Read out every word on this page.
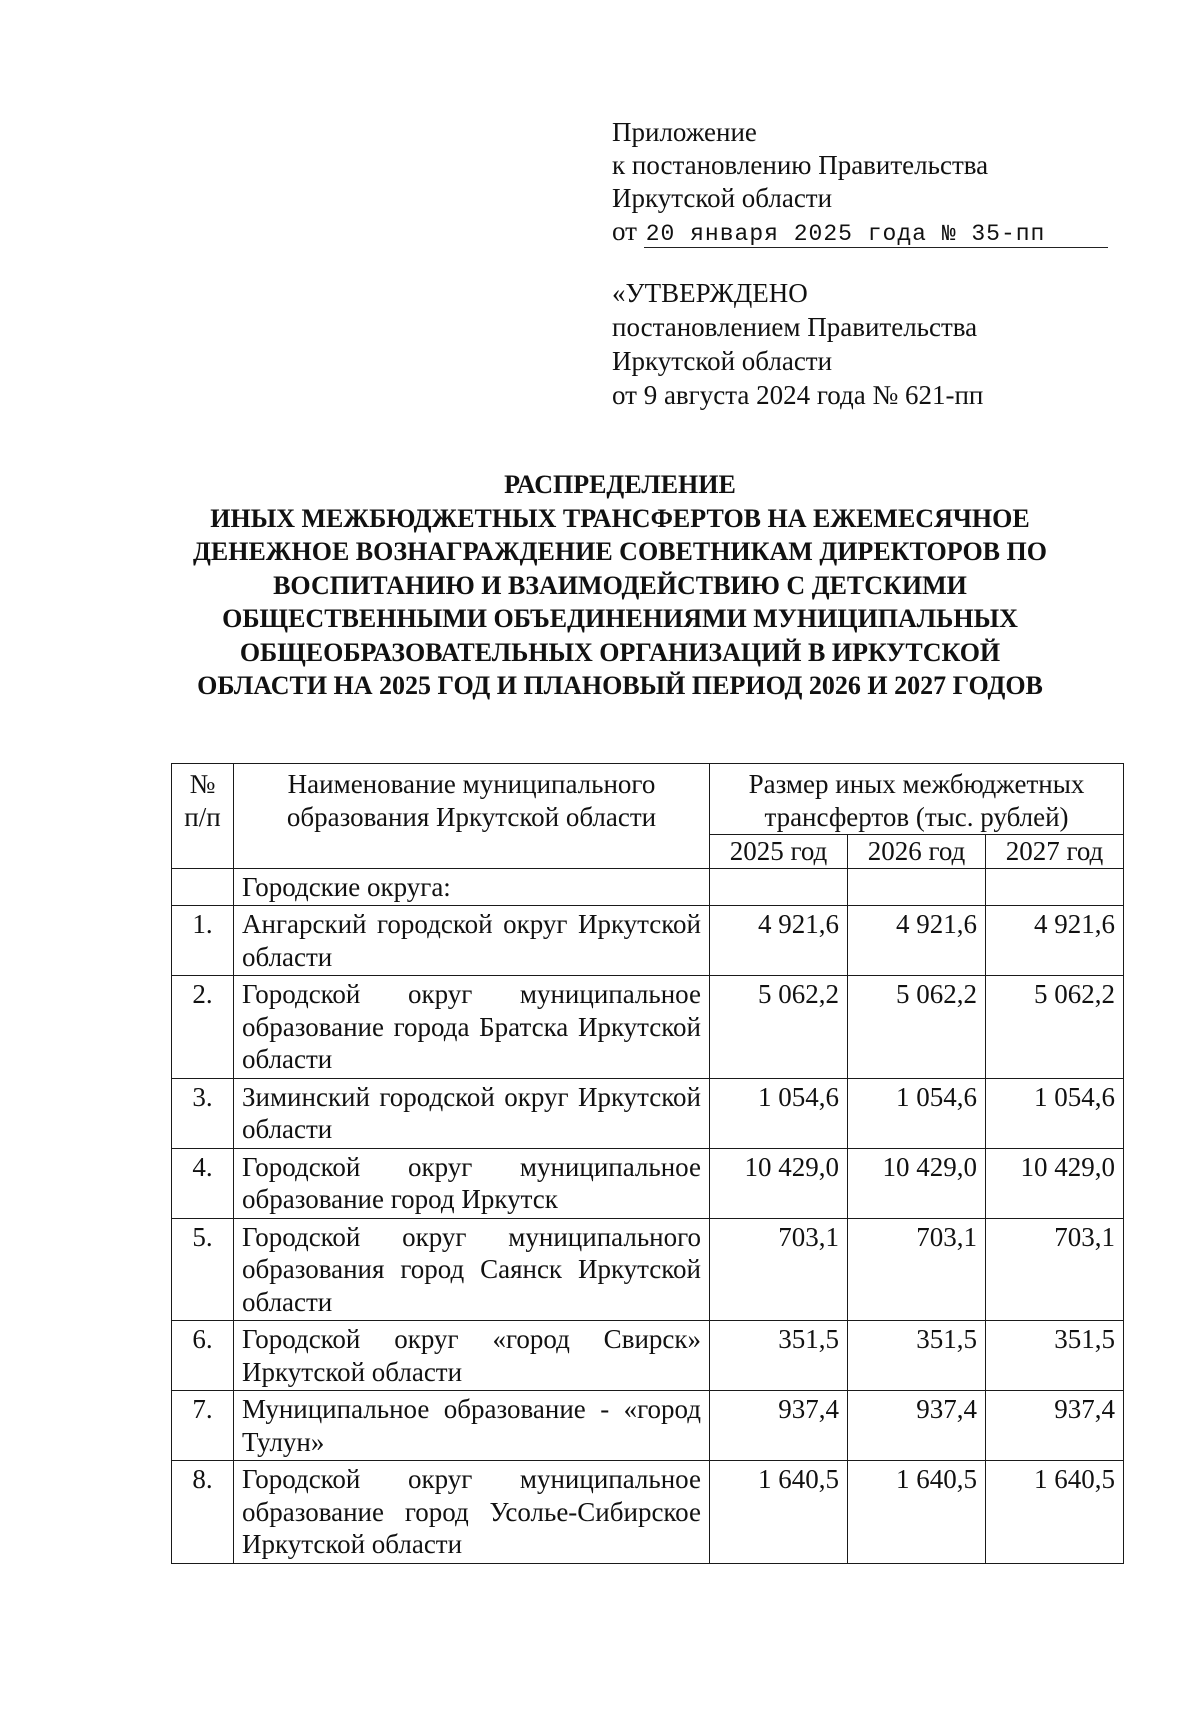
Приложение
к постановлению Правительства
Иркутской области
от 20 января 2025 года № 35-пп
«УТВЕРЖДЕНО
постановлением Правительства
Иркутской области
от 9 августа 2024 года № 621-пп
РАСПРЕДЕЛЕНИЕ
ИНЫХ МЕЖБЮДЖЕТНЫХ ТРАНСФЕРТОВ НА ЕЖЕМЕСЯЧНОЕ
ДЕНЕЖНОЕ ВОЗНАГРАЖДЕНИЕ СОВЕТНИКАМ ДИРЕКТОРОВ ПО
ВОСПИТАНИЮ И ВЗАИМОДЕЙСТВИЮ С ДЕТСКИМИ
ОБЩЕСТВЕННЫМИ ОБЪЕДИНЕНИЯМИ МУНИЦИПАЛЬНЫХ
ОБЩЕОБРАЗОВАТЕЛЬНЫХ ОРГАНИЗАЦИЙ В ИРКУТСКОЙ
ОБЛАСТИ НА 2025 ГОД И ПЛАНОВЫЙ ПЕРИОД 2026 И 2027 ГОДОВ
№ п/п	Наименование муниципального образования Иркутской области	Размер иных межбюджетных трансфертов (тыс. рублей)		
		2025 год	2026 год	2027 год
	Городские округа:			
1.	Ангарский городской округ Иркутской области	4 921,6	4 921,6	4 921,6
2.	Городской округ муниципальное образование города Братска Иркутской области	5 062,2	5 062,2	5 062,2
3.	Зиминский городской округ Иркутской области	1 054,6	1 054,6	1 054,6
4.	Городской округ муниципальное образование город Иркутск	10 429,0	10 429,0	10 429,0
5.	Городской округ муниципального образования город Саянск Иркутской области	703,1	703,1	703,1
6.	Городской округ «город Свирск» Иркутской области	351,5	351,5	351,5
7.	Муниципальное образование - «город Тулун»	937,4	937,4	937,4
8.	Городской округ муниципальное образование город Усолье-Сибирское Иркутской области	1 640,5	1 640,5	1 640,5
